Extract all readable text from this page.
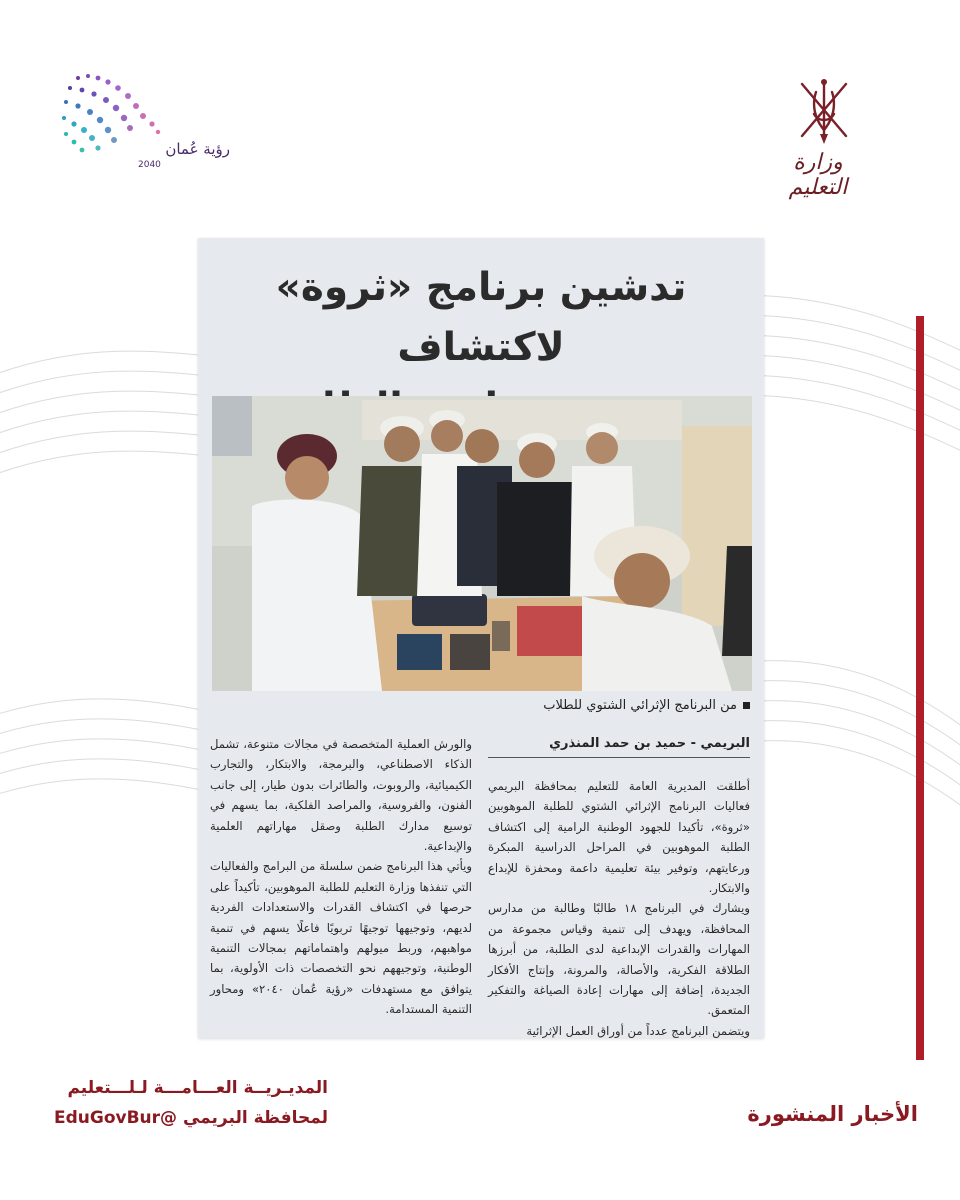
رؤية عُمان
2040	وزارة التعليم
تدشين برنامج «ثروة» لاكتشاف
من البرنامج الإثرائي الشتوي للطلاب
البريمي - حميد بن حمد المنذري

أطلقت المديرية العامة للتعليم بمحافظة البريمي فعاليات البرنامج الإثرائي الشتوي للطلبة الموهوبين «ثروة»، تأكيدا للجهود الوطنية الرامية إلى اكتشاف الطلبة الموهوبين في المراحل الدراسية المبكرة ورعايتهم، وتوفير بيئة تعليمية داعمة ومحفزة للإبداع والابتكار.

ويشارك في البرنامج ١٨ طالبًا وطالبة من مدارس المحافظة، ويهدف إلى تنمية وقياس مجموعة من المهارات والقدرات الإبداعية لدى الطلبة، من أبرزها الطلاقة الفكرية، والأصالة، والمرونة، وإنتاج الأفكار الجديدة، إضافة إلى مهارات إعادة الصياغة والتفكير المتعمق.

ويتضمن البرنامج عدداً من أوراق العمل الإثرائية

والورش العملية المتخصصة في مجالات متنوعة، تشمل الذكاء الاصطناعي، والبرمجة، والابتكار، والتجارب الكيميائية، والروبوت، والطائرات بدون طيار، إلى جانب الفنون، والفروسية، والمراصد الفلكية، بما يسهم في توسيع مدارك الطلبة وصقل مهاراتهم العلمية والإبداعية.

ويأتي هذا البرنامج ضمن سلسلة من البرامج والفعاليات التي تنفذها وزارة التعليم للطلبة الموهوبين، تأكيداً على حرصها في اكتشاف القدرات والاستعدادات الفردية لديهم، وتوجيهها توجيهًا تربويًا فاعلًا يسهم في تنمية مواهبهم، وربط ميولهم واهتماماتهم بمجالات التنمية الوطنية، وتوجيههم نحو التخصصات ذات الأولوية، بما يتوافق مع مستهدفات «رؤية عُمان ٢٠٤٠» ومحاور التنمية المستدامة.

الأخبار المنشورة
المديـريــة العـــامـــة لـلـــتعليم
لمحافظة البريمي EduGovBur@
